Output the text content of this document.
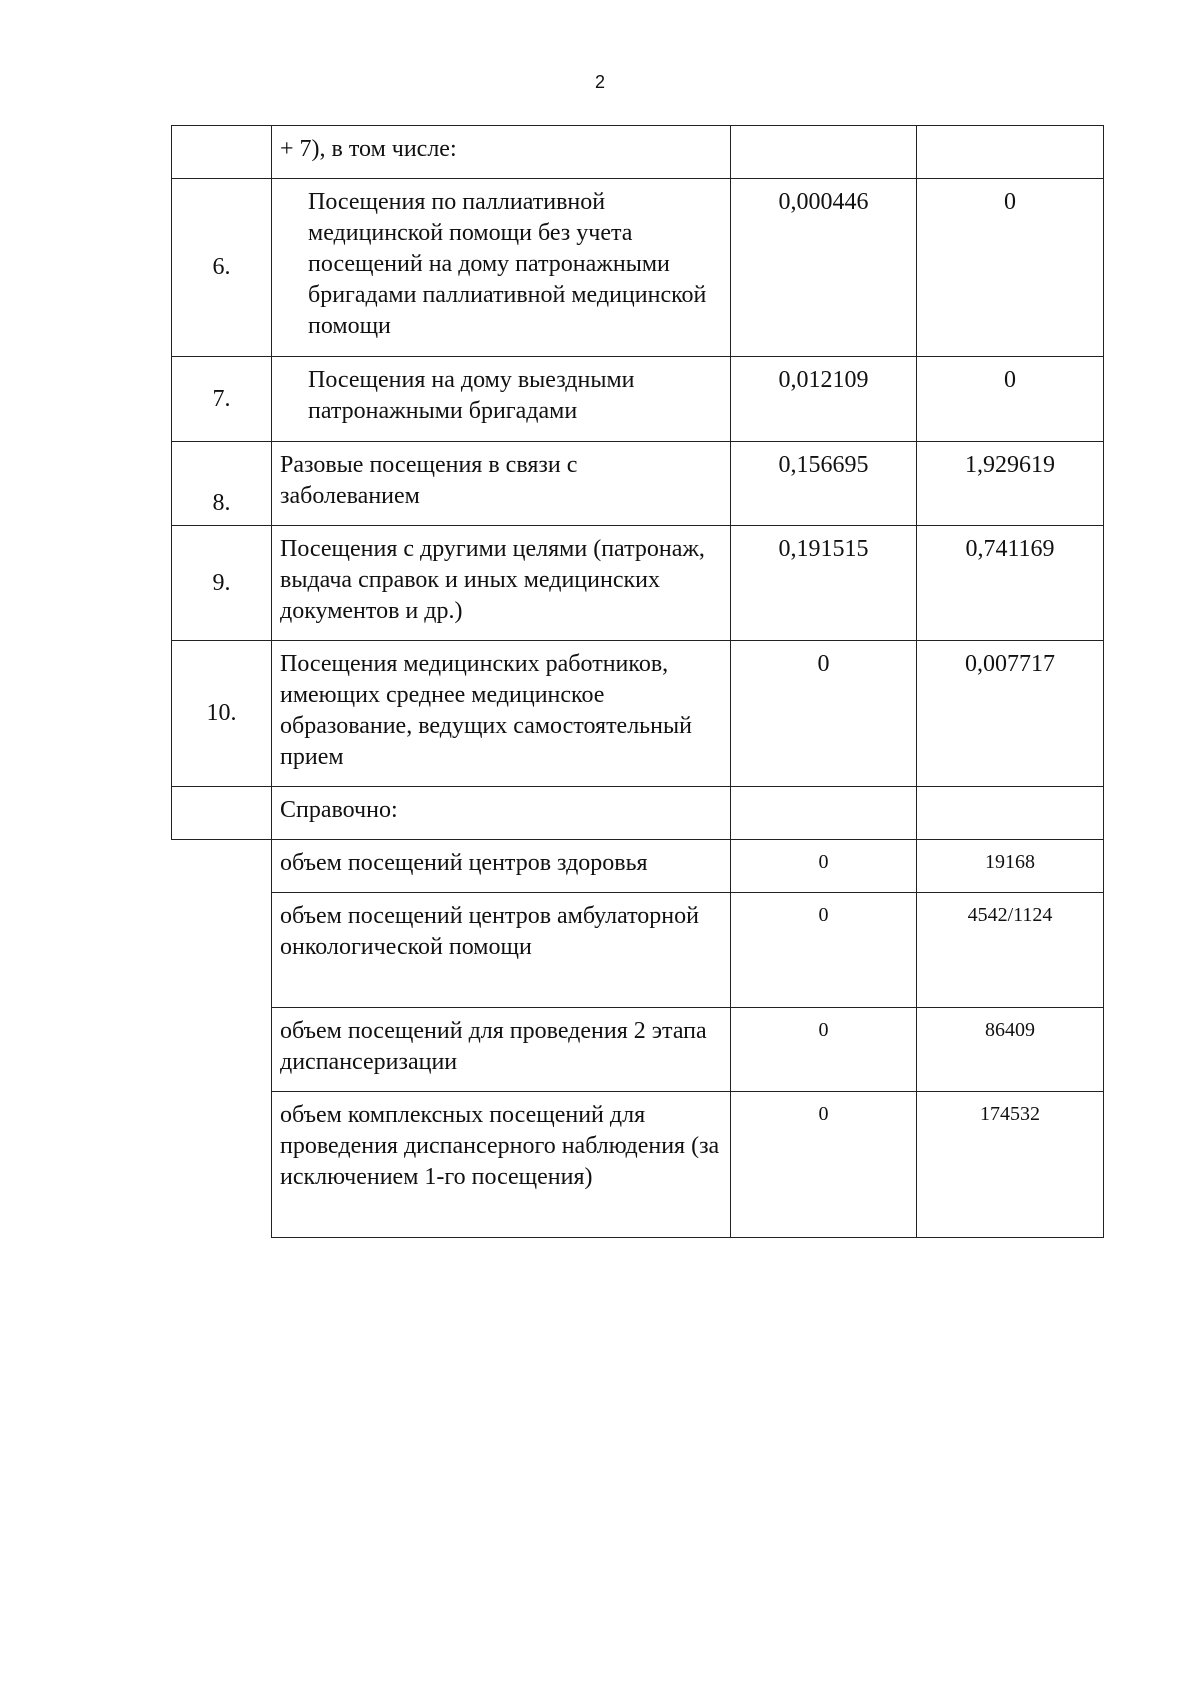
2
	+ 7), в том числе:		
6.	Посещения по паллиативной медицинской помощи без учета посещений на дому патронажными бригадами паллиативной медицинской помощи	0,000446	0
7.	Посещения на дому выездными патронажными бригадами	0,012109	0
8.	Разовые посещения в связи с заболеванием	0,156695	1,929619
9.	Посещения с другими целями (патронаж, выдача справок и иных медицинских документов и др.)	0,191515	0,741169
10.	Посещения медицинских работников, имеющих среднее медицинское образование, ведущих самостоятельный прием	0	0,007717
	Справочно:		
	объем посещений центров здоровья	0	19168
	объем посещений центров амбулаторной онкологической помощи	0	4542/1124
	объем посещений для проведения 2 этапа диспансеризации	0	86409
	объем комплексных посещений для проведения диспансерного наблюдения (за исключением 1-го посещения)	0	174532
